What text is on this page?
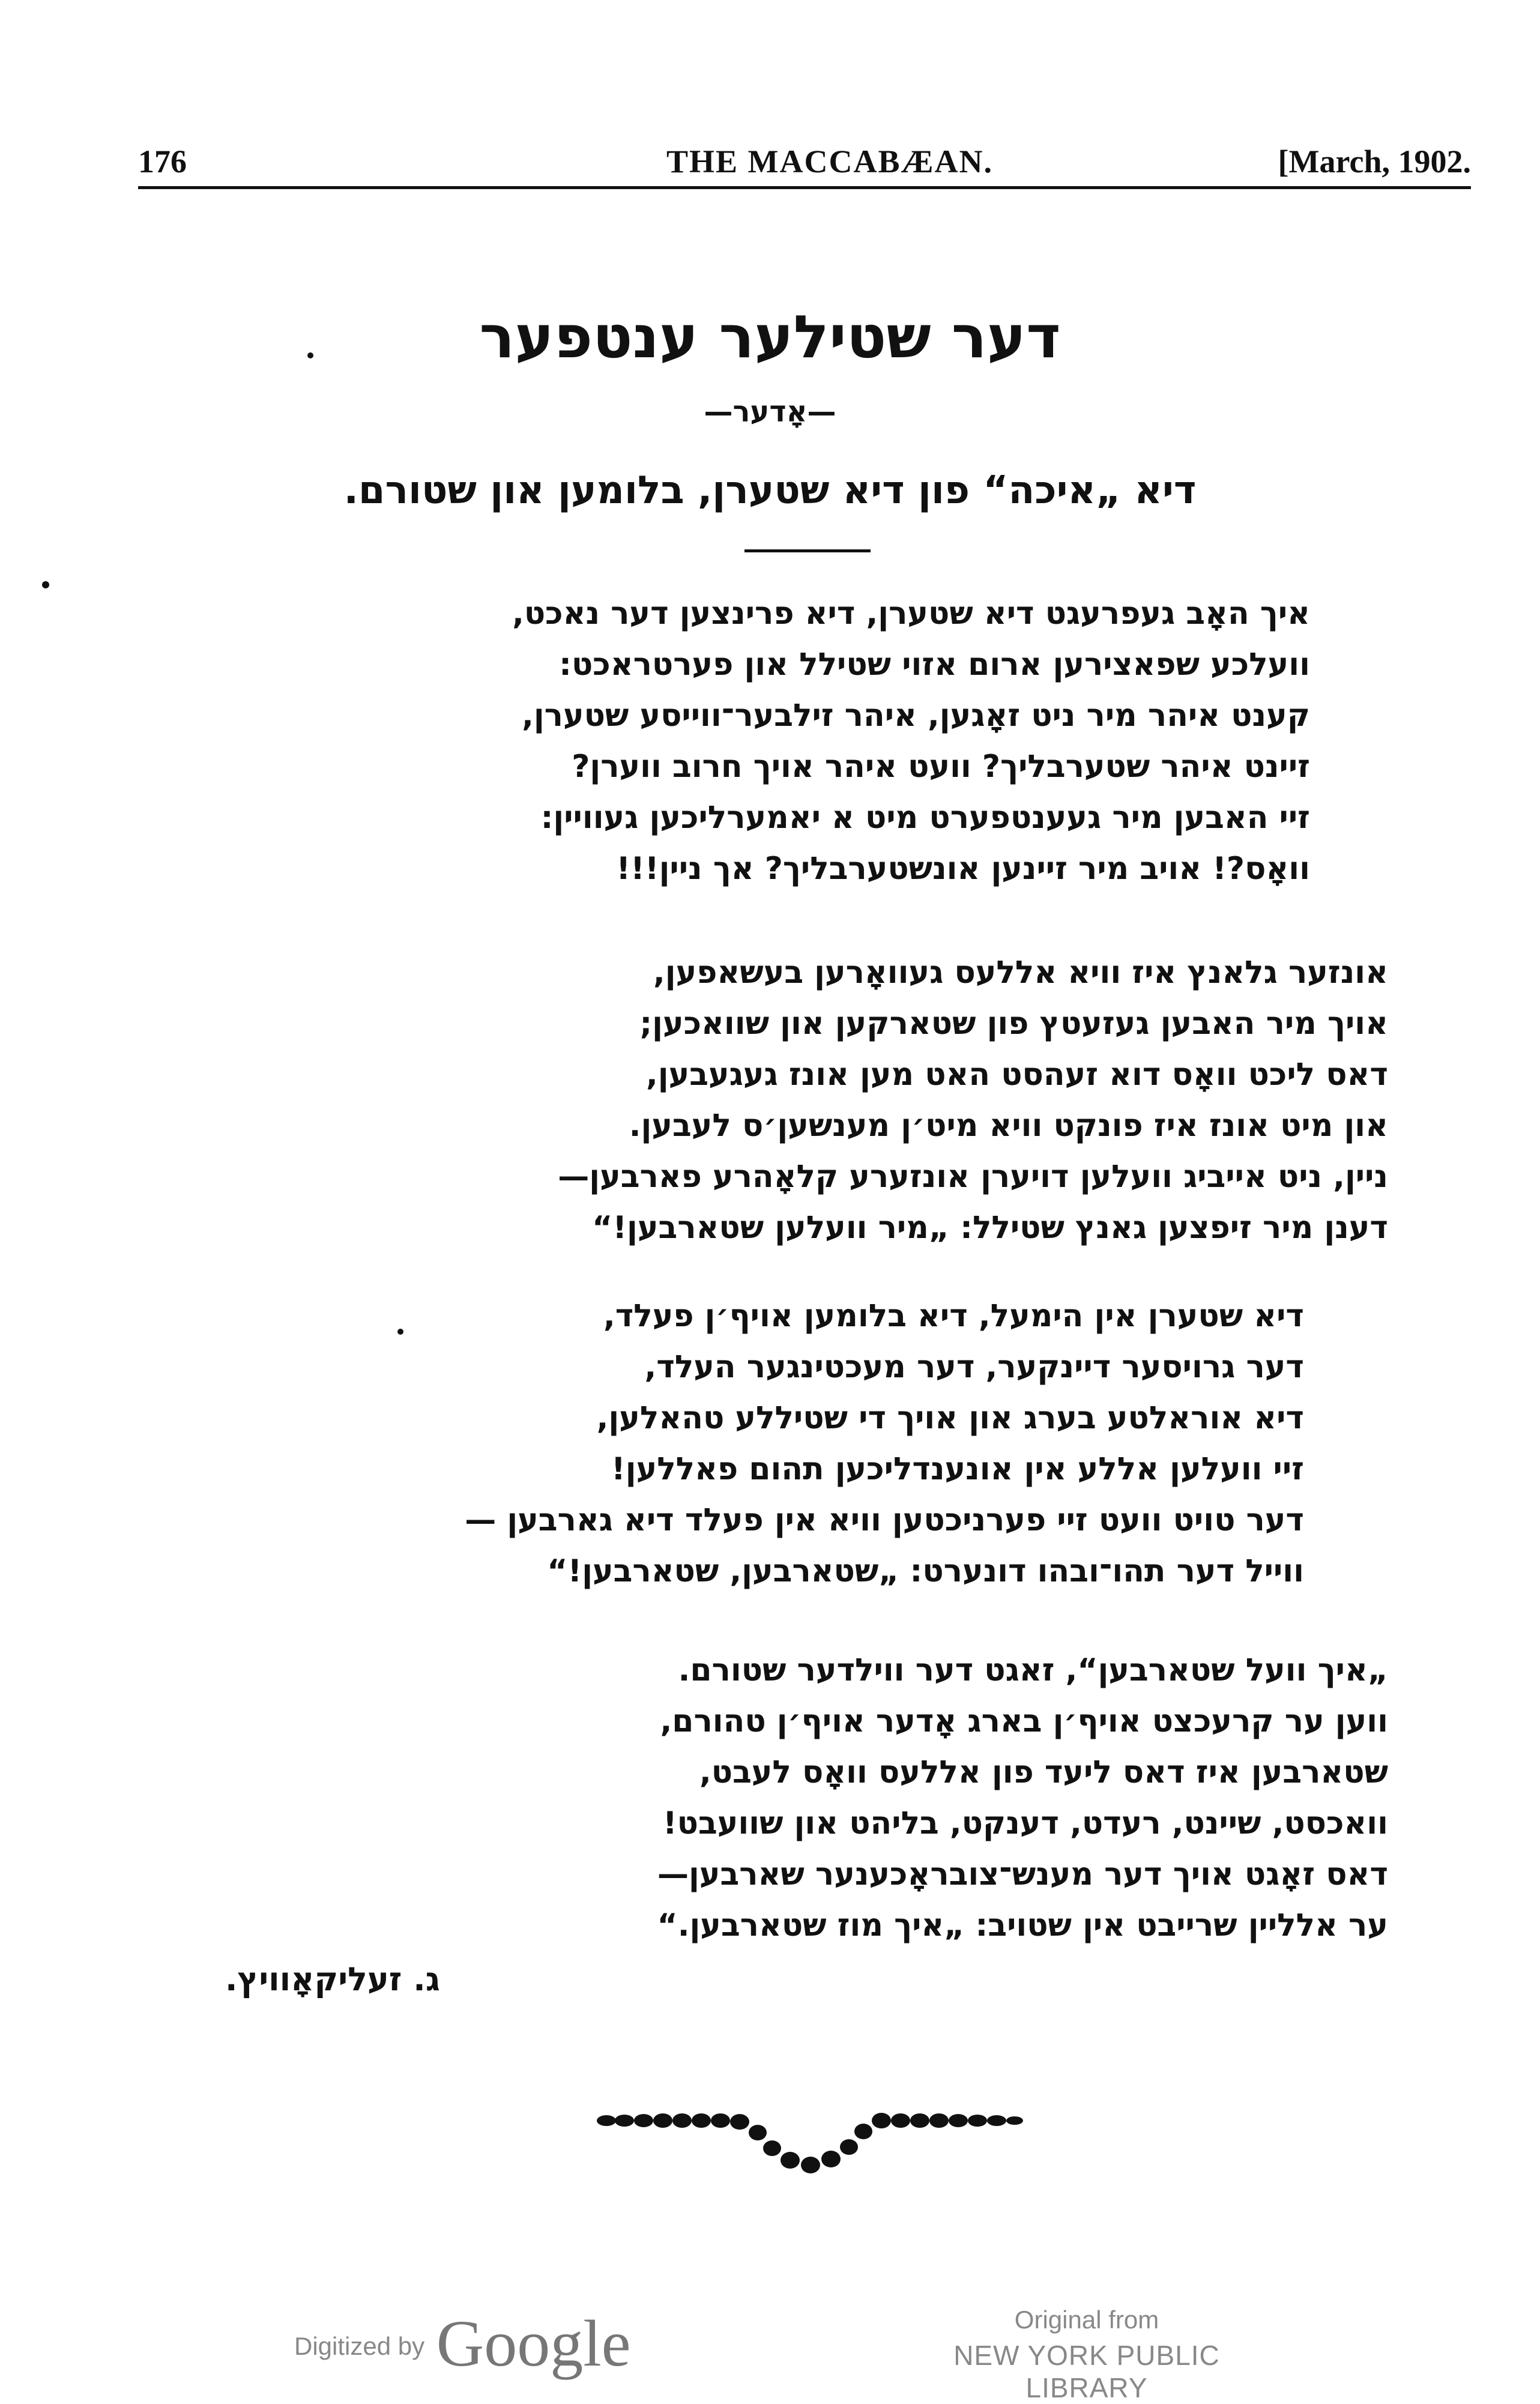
176	THE MACCABÆAN.	[March, 1902.
דער שטילער ענטפער
—אָדער—
דיא „איכה“ פון דיא שטערן, בלומען און שטורם.
איך האָב געפרעגט דיא שטערן, דיא פרינצען דער נאכט,
וועלכע שפאצירען ארום אזוי שטילל און פערטראכט:
קענט איהר מיר ניט זאָגען, איהר זילבער־ווייסע שטערן,
זיינט איהר שטערבליך? וועט איהר אויך חרוב ווערן?
זיי האבען מיר געענטפערט מיט א יאמערליכען געוויין:
וואָס?! אויב מיר זיינען אונשטערבליך? אך ניין!!!
אונזער גלאנץ איז וויא אללעס געוואָרען בעשאפען,
אויך מיר האבען געזעטץ פון שטארקען און שוואכען;
דאס ליכט וואָס דוא זעהסט האט מען אונז געגעבען,
און מיט אונז איז פונקט וויא מיט׳ן מענשען׳ס לעבען.
ניין, ניט אייביג וועלען דויערן אונזערע קלאָהרע פארבען—
דענן מיר זיפצען גאנץ שטילל: „מיר וועלען שטארבען!“
דיא שטערן אין הימעל, דיא בלומען אויף׳ן פעלד,
דער גרויסער דיינקער, דער מעכטינגער העלד,
דיא אוראלטע בערג און אויך די שטיללע טהאלען,
זיי וועלען אללע אין אונענדליכען תהום פאללען!
דער טויט וועט זיי פערניכטען וויא אין פעלד דיא גארבען —
ווייל דער תהו־ובהו דונערט: „שטארבען, שטארבען!“
„איך וועל שטארבען“, זאגט דער ווילדער שטורם.
ווען ער קרעכצט אויף׳ן בארג אָדער אויף׳ן טהורם,
שטארבען איז דאס ליעד פון אללעס וואָס לעבט,
וואכסט, שיינט, רעדט, דענקט, בליהט און שוועבט!
דאס זאָגט אויך דער מענש־צובראָכענער שארבען—
ער אלליין שרייבט אין שטויב: „איך מוז שטארבען.“
ג. זעליקאָוויץ.
Digitized by Google	Original from
NEW YORK PUBLIC LIBRARY
